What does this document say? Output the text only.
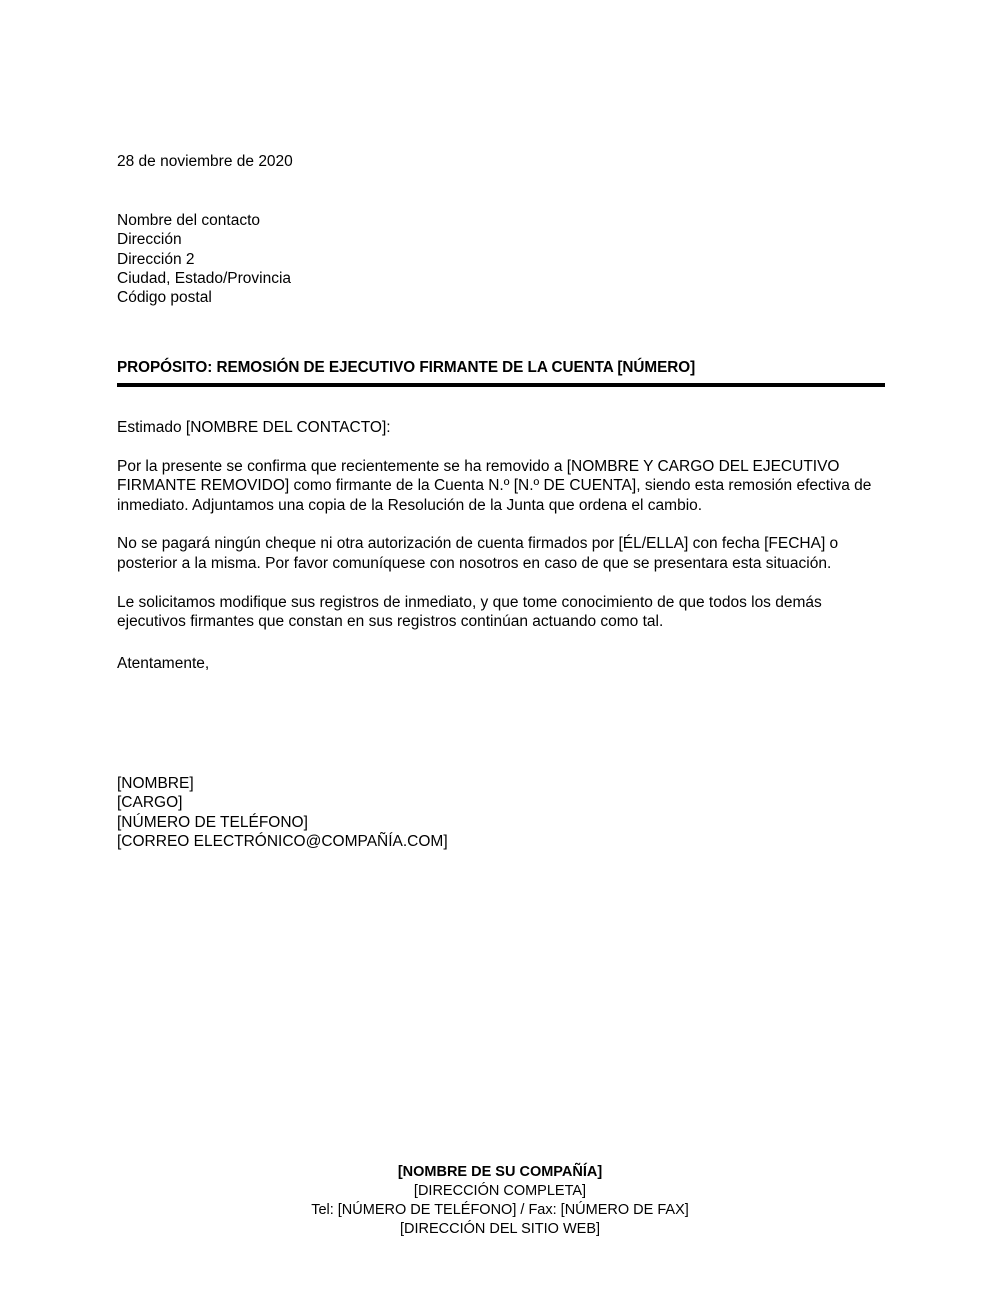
28 de noviembre de 2020
Nombre del contacto
Dirección
Dirección 2
Ciudad, Estado/Provincia
Código postal
PROPÓSITO: REMOSIÓN DE EJECUTIVO FIRMANTE DE LA CUENTA [NÚMERO]

Estimado [NOMBRE DEL CONTACTO]:

Por la presente se confirma que recientemente se ha removido a [NOMBRE Y CARGO DEL EJECUTIVO FIRMANTE REMOVIDO] como firmante de la Cuenta N.º [N.º DE CUENTA], siendo esta remosión efectiva de inmediato. Adjuntamos una copia de la Resolución de la Junta que ordena el cambio.

No se pagará ningún cheque ni otra autorización de cuenta firmados por [ÉL/ELLA] con fecha [FECHA] o posterior a la misma. Por favor comuníquese con nosotros en caso de que se presentara esta situación.

Le solicitamos modifique sus registros de inmediato, y que tome conocimiento de que todos los demás ejecutivos firmantes que constan en sus registros continúan actuando como tal.

Atentamente,

[NOMBRE]
[CARGO]
[NÚMERO DE TELÉFONO]
[CORREO ELECTRÓNICO@COMPAÑÍA.COM]
[NOMBRE DE SU COMPAÑÍA]
[DIRECCIÓN COMPLETA]
Tel: [NÚMERO DE TELÉFONO] / Fax: [NÚMERO DE FAX]
[DIRECCIÓN DEL SITIO WEB]
